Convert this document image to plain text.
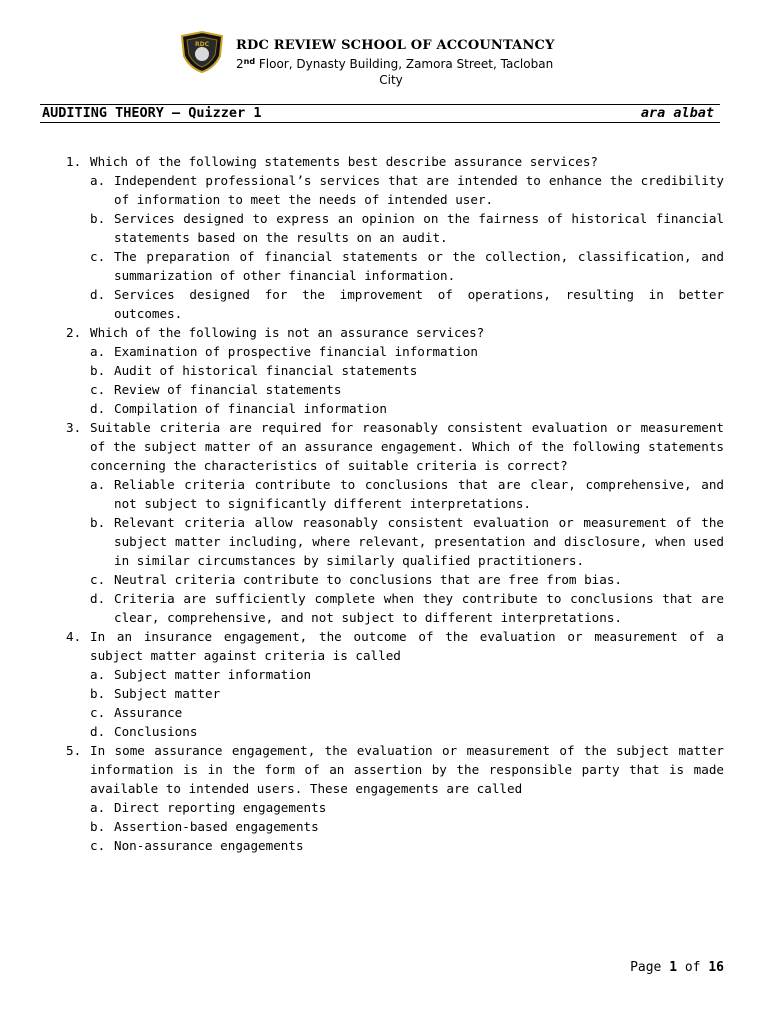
RDC RDC REVIEW SCHOOL OF ACCOUNTANCY
2nd Floor, Dynasty Building, Zamora Street, Tacloban
City
AUDITING THEORY – Quizzer 1	ara albat
1. Which of the following statements best describe assurance services?
a. Independent professional’s services that are intended to enhance the credibility of information to meet the needs of intended user.
b. Services designed to express an opinion on the fairness of historical financial statements based on the results on an audit.
c. The preparation of financial statements or the collection, classification, and summarization of other financial information.
d. Services designed for the improvement of operations, resulting in better outcomes.
2. Which of the following is not an assurance services?
a. Examination of prospective financial information
b. Audit of historical financial statements
c. Review of financial statements
d. Compilation of financial information
3. Suitable criteria are required for reasonably consistent evaluation or measurement of the subject matter of an assurance engagement. Which of the following statements concerning the characteristics of suitable criteria is correct?
a. Reliable criteria contribute to conclusions that are clear, comprehensive, and not subject to significantly different interpretations.
b. Relevant criteria allow reasonably consistent evaluation or measurement of the subject matter including, where relevant, presentation and disclosure, when used in similar circumstances by similarly qualified practitioners.
c. Neutral criteria contribute to conclusions that are free from bias.
d. Criteria are sufficiently complete when they contribute to conclusions that are clear, comprehensive, and not subject to different interpretations.
4. In an insurance engagement, the outcome of the evaluation or measurement of a subject matter against criteria is called
a. Subject matter information
b. Subject matter
c. Assurance
d. Conclusions
5. In some assurance engagement, the evaluation or measurement of the subject matter information is in the form of an assertion by the responsible party that is made available to intended users. These engagements are called
a. Direct reporting engagements
b. Assertion-based engagements
c. Non-assurance engagements
Page 1 of 16
